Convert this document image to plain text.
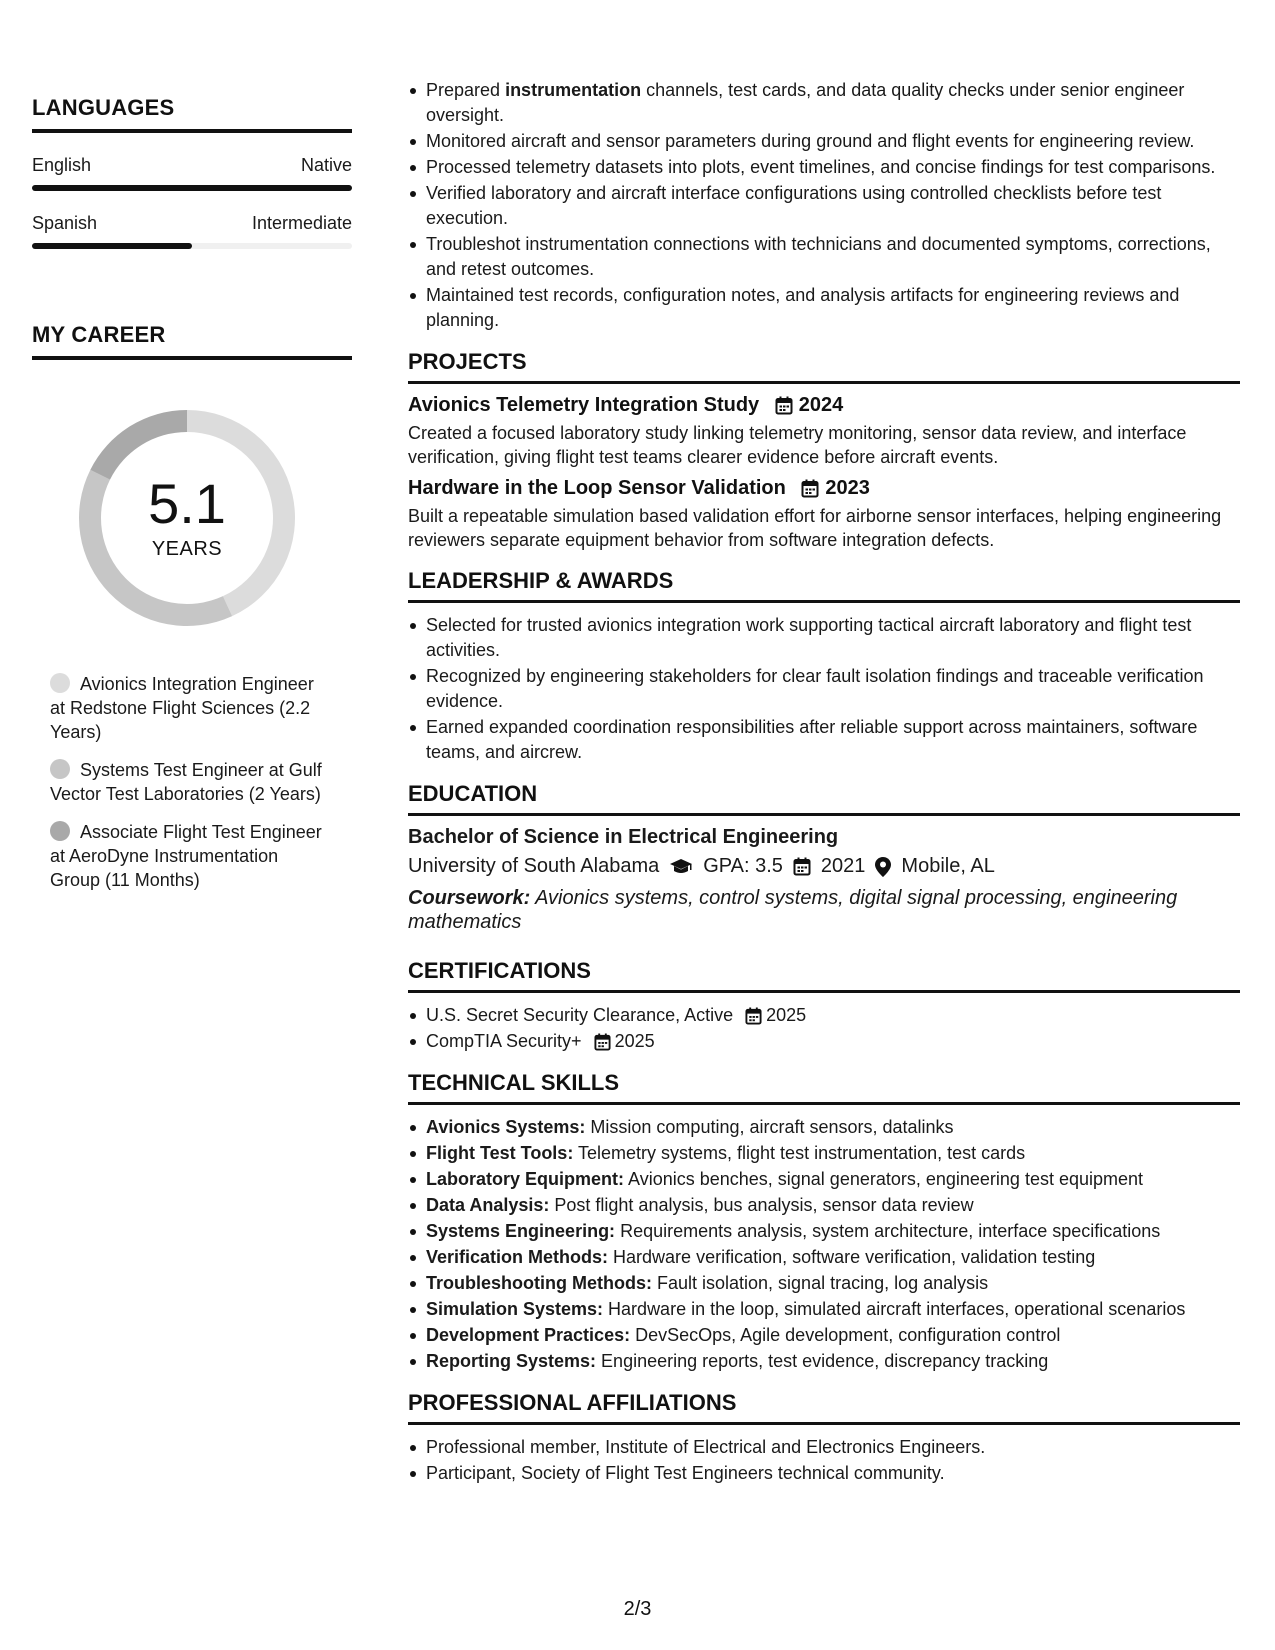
LANGUAGES
English	Native
Spanish	Intermediate
MY CAREER
5.1
YEARS
Avionics Integration Engineer at Redstone Flight Sciences (2.2 Years)
Systems Test Engineer at Gulf Vector Test Laboratories (2 Years)
Associate Flight Test Engineer at AeroDyne Instrumentation Group (11 Months)
Prepared instrumentation channels, test cards, and data quality checks under senior engineer oversight.
Monitored aircraft and sensor parameters during ground and flight events for engineering review.
Processed telemetry datasets into plots, event timelines, and concise findings for test comparisons.
Verified laboratory and aircraft interface configurations using controlled checklists before test execution.
Troubleshot instrumentation connections with technicians and documented symptoms, corrections, and retest outcomes.
Maintained test records, configuration notes, and analysis artifacts for engineering reviews and planning.
PROJECTS
Avionics Telemetry Integration Study 2024
Created a focused laboratory study linking telemetry monitoring, sensor data review, and interface verification, giving flight test teams clearer evidence before aircraft events.
Hardware in the Loop Sensor Validation 2023
Built a repeatable simulation based validation effort for airborne sensor interfaces, helping engineering reviewers separate equipment behavior from software integration defects.
LEADERSHIP & AWARDS
Selected for trusted avionics integration work supporting tactical aircraft laboratory and flight test activities.
Recognized by engineering stakeholders for clear fault isolation findings and traceable verification evidence.
Earned expanded coordination responsibilities after reliable support across maintainers, software teams, and aircrew.
EDUCATION
Bachelor of Science in Electrical Engineering
University of South Alabama GPA: 3.5 2021 Mobile, AL
Coursework: Avionics systems, control systems, digital signal processing, engineering mathematics
CERTIFICATIONS
U.S. Secret Security Clearance, Active 2025
CompTIA Security+ 2025
TECHNICAL SKILLS
Avionics Systems: Mission computing, aircraft sensors, datalinks
Flight Test Tools: Telemetry systems, flight test instrumentation, test cards
Laboratory Equipment: Avionics benches, signal generators, engineering test equipment
Data Analysis: Post flight analysis, bus analysis, sensor data review
Systems Engineering: Requirements analysis, system architecture, interface specifications
Verification Methods: Hardware verification, software verification, validation testing
Troubleshooting Methods: Fault isolation, signal tracing, log analysis
Simulation Systems: Hardware in the loop, simulated aircraft interfaces, operational scenarios
Development Practices: DevSecOps, Agile development, configuration control
Reporting Systems: Engineering reports, test evidence, discrepancy tracking
PROFESSIONAL AFFILIATIONS
Professional member, Institute of Electrical and Electronics Engineers.
Participant, Society of Flight Test Engineers technical community.
2/3
